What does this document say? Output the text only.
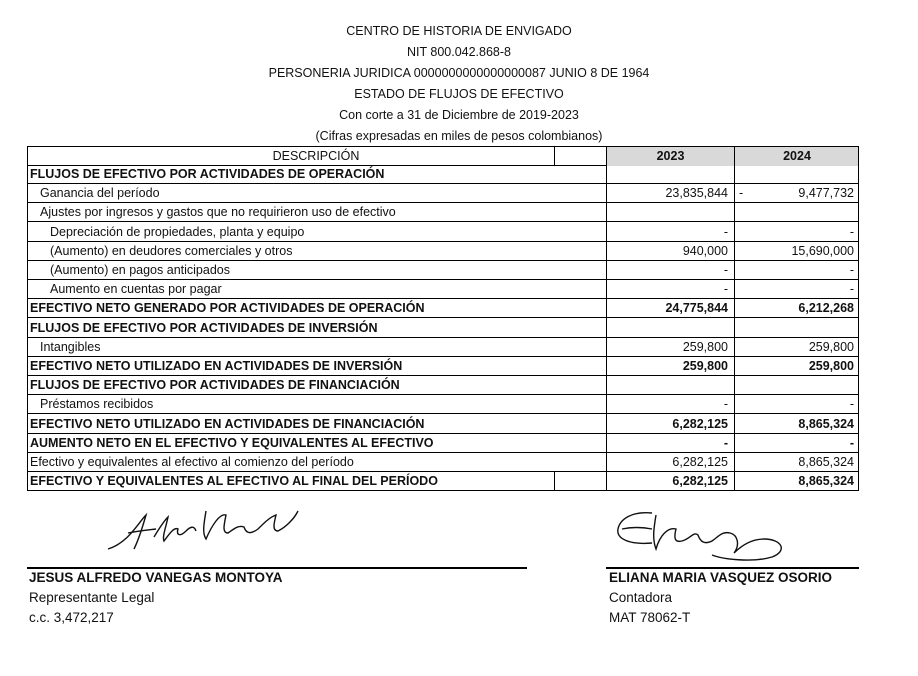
CENTRO DE HISTORIA DE ENVIGADO
NIT 800.042.868-8
PERSONERIA JURIDICA 0000000000000000087 JUNIO 8 DE 1964
ESTADO DE FLUJOS DE EFECTIVO
Con corte a 31 de Diciembre de 2019-2023
(Cifras expresadas en miles de pesos colombianos)
DESCRIPCIÓN	2023	2024
FLUJOS DE EFECTIVO POR ACTIVIDADES DE OPERACIÓN
Ganancia del período	23,835,844 -	9,477,732
Ajustes por ingresos y gastos que no requirieron uso de efectivo
Depreciación de propiedades, planta y equipo	-	-
(Aumento) en deudores comerciales y otros	940,000	15,690,000
(Aumento) en pagos anticipados	-	-
Aumento en cuentas por pagar	-	-
EFECTIVO NETO GENERADO POR ACTIVIDADES DE OPERACIÓN	24,775,844	6,212,268
FLUJOS DE EFECTIVO POR ACTIVIDADES DE INVERSIÓN
Intangibles	259,800	259,800
EFECTIVO NETO UTILIZADO EN ACTIVIDADES DE INVERSIÓN	259,800	259,800
FLUJOS DE EFECTIVO POR ACTIVIDADES DE FINANCIACIÓN
Préstamos recibidos	-	-
EFECTIVO NETO UTILIZADO EN ACTIVIDADES DE FINANCIACIÓN	6,282,125	8,865,324
AUMENTO NETO EN EL EFECTIVO Y EQUIVALENTES AL EFECTIVO	-	-
Efectivo y equivalentes al efectivo al comienzo del período	6,282,125	8,865,324
EFECTIVO Y EQUIVALENTES AL EFECTIVO AL FINAL DEL PERÍODO	6,282,125	8,865,324
JESUS ALFREDO VANEGAS MONTOYA
Representante Legal
c.c. 3,472,217
ELIANA MARIA VASQUEZ OSORIO
Contadora
MAT 78062-T
